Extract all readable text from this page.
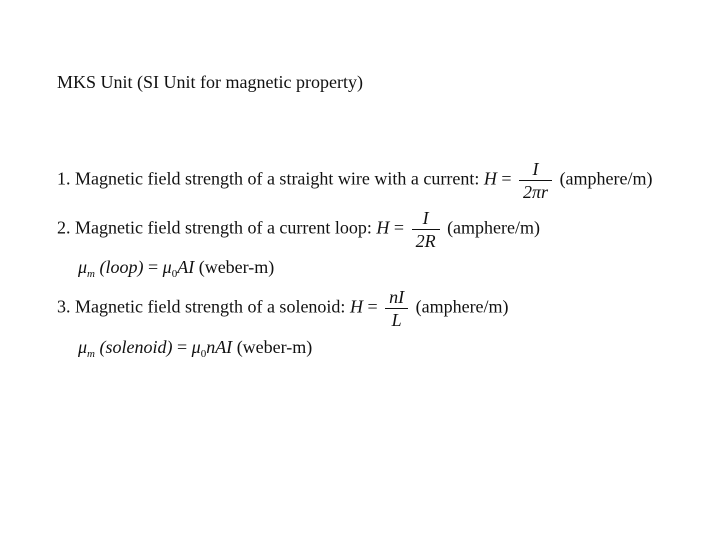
MKS Unit (SI Unit for magnetic property)
1. Magnetic field strength of a straight wire with a current: $H = \frac{I}{2\pi r}$ (amphere/m)
2. Magnetic field strength of a current loop: $H = \frac{I}{2R}$ (amphere/m)
$\mu_m$ (loop) = $\mu_0AI$ (weber-m)
3. Magnetic field strength of a solenoid: $H = \frac{nI}{L}$ (amphere/m)
$\mu_m$ (solenoid) = $\mu_0nAI$ (weber-m)
